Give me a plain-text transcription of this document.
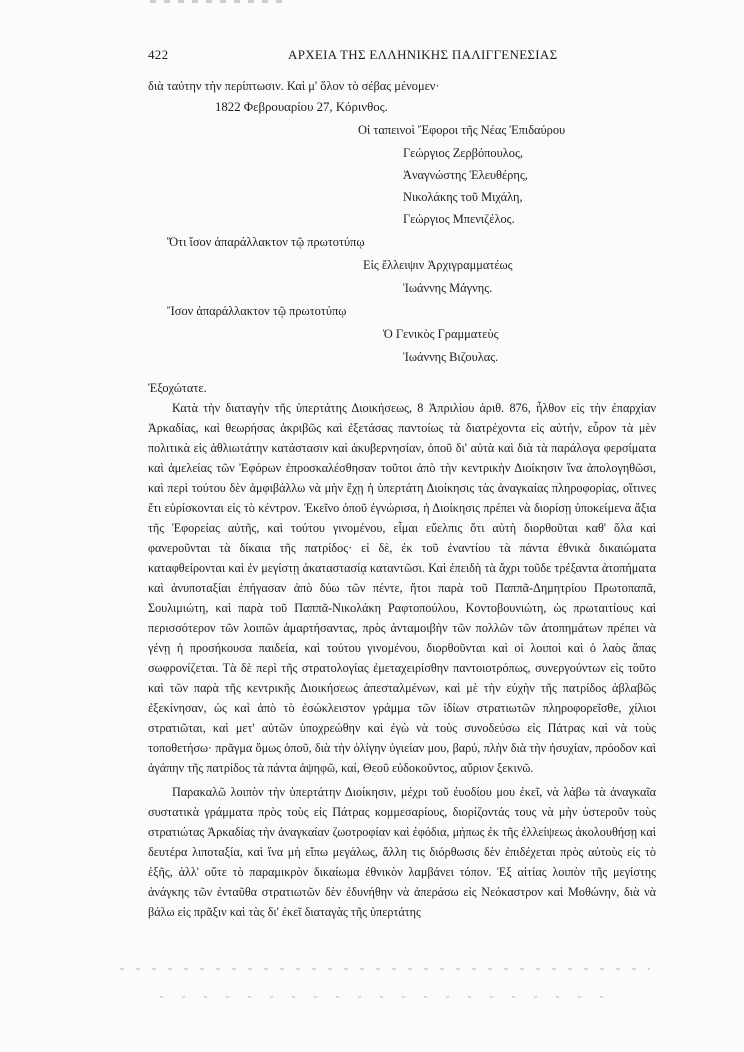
422	ΑΡΧΕΙΑ ΤΗΣ ΕΛΛΗΝΙΚΗΣ ΠΑΛΙΓΓΕΝΕΣΙΑΣ
διὰ ταύτην τὴν περίπτωσιν. Καὶ μ' ὅλον τὸ σέβας μένομεν·
1822 Φεβρουαρίου 27, Κόρινθος.
Οἱ ταπεινοὶ Ἔφοροι τῆς Νέας Ἐπιδαύρου
Γεώργιος Ζερβόπουλος,
Ἀναγνώστης Ἐλευθέρης,
Νικολάκης τοῦ Μιχάλη,
Γεώργιος Μπενιζέλος.
Ὅτι ἴσον ἀπαράλλακτον τῷ πρωτοτύπῳ
Εἰς ἔλλειψιν Ἀρχιγραμματέως
Ἰωάννης Μάγνης.
Ἴσον ἀπαράλλακτον τῷ πρωτοτύπῳ
Ὁ Γενικὸς Γραμματεὺς
Ἰωάννης Βιζουλας.
Ἐξοχώτατε.

Κατὰ τὴν διαταγὴν τῆς ὑπερτάτης Διοικήσεως, 8 Ἀπριλίου ἀριθ. 876, ἦλθον εἰς τὴν ἐπαρχίαν Ἀρκαδίας, καὶ θεωρήσας ἀκριβῶς καὶ ἐξετάσας παντοίως τὰ διατρέχοντα εἰς αὐτήν, εὗρον τὰ μὲν πολιτικὰ εἰς ἀθλιωτάτην κατάστασιν καὶ ἀκυβερνησίαν, ὁποῦ δι' αὐτὰ καὶ διὰ τὰ παράλογα φερσίματα καὶ ἀμελείας τῶν Ἐφόρων ἐπροσκαλέσθησαν τοῦτοι ἀπὸ τὴν κεντρικὴν Διοίκησιν ἵνα ἀπολογηθῶσι, καὶ περὶ τούτου δὲν ἀμφιβάλλω νὰ μὴν ἔχῃ ἡ ὑπερτάτη Διοίκησις τὰς ἀναγκαίας πληροφορίας, οἵτινες ἔτι εὑρίσκονται εἰς τὸ κέντρον. Ἐκεῖνο ὁποῦ ἐγνώρισα, ἡ Διοίκησις πρέπει νὰ διορίσῃ ὑποκείμενα ἄξια τῆς Ἐφορείας αὐτῆς, καὶ τούτου γινομένου, εἶμαι εὔελπις ὅτι αὐτὴ διορθοῦται καθ' ὅλα καὶ φανεροῦνται τὰ δίκαια τῆς πατρίδος· εἰ δὲ, ἐκ τοῦ ἐναντίου τὰ πάντα ἐθνικὰ δικαιώματα καταφθείρονται καὶ ἐν μεγίστῃ ἀκαταστασίᾳ καταντῶσι. Καὶ ἐπειδὴ τὰ ἄχρι τοῦδε τρέξαντα ἀτοπήματα καὶ ἀνυποταξίαι ἐπήγασαν ἀπὸ δύω τῶν πέντε, ἤτοι παρὰ τοῦ Παππᾶ-Δημητρίου Πρωτοπαπᾶ, Σουλιμιώτη, καὶ παρὰ τοῦ Παππᾶ-Νικολάκη Ραφτοπούλου, Κοντοβουνιώτη, ὡς πρωταιτίους καὶ περισσότερον τῶν λοιπῶν ἁμαρτήσαντας, πρὸς ἀνταμοιβὴν τῶν πολλῶν τῶν ἀτοπημάτων πρέπει νὰ γένῃ ἡ προσήκουσα παιδεία, καὶ τούτου γινομένου, διορθοῦνται καὶ οἱ λοιποὶ καὶ ὁ λαὸς ἅπας σωφρονίζεται. Τὰ δὲ περὶ τῆς στρατολογίας ἐμεταχειρίσθην παντοιοτρόπως, συνεργούντων εἰς τοῦτο καὶ τῶν παρὰ τῆς κεντρικῆς Διοικήσεως ἀπεσταλμένων, καὶ μὲ τὴν εὐχὴν τῆς πατρίδος ἀβλαβῶς ἐξεκίνησαν, ὡς καὶ ἀπὸ τὸ ἐσώκλειστον γράμμα τῶν ἰδίων στρατιωτῶν πληροφορεῖσθε, χίλιοι στρατιῶται, καὶ μετ' αὐτῶν ὑποχρεώθην καὶ ἐγὼ νὰ τοὺς συνοδεύσω εἰς Πάτρας καὶ νὰ τοὺς τοποθετήσω· πρᾶγμα ὅμως ὁποῦ, διὰ τὴν ὀλίγην ὑγιείαν μου, βαρύ, πλὴν διὰ τὴν ἡσυχίαν, πρόοδον καὶ ἀγάπην τῆς πατρίδος τὰ πάντα ἀψηφῶ, καί, Θεοῦ εὐδοκοῦντος, αὔριον ξεκινῶ.

Παρακαλῶ λοιπὸν τὴν ὑπερτάτην Διοίκησιν, μέχρι τοῦ ἐυοδίου μου ἐκεῖ, νὰ λάβω τὰ ἀναγκαῖα συστατικὰ γράμματα πρὸς τοὺς εἰς Πάτρας κομμεσαρίους, διορίζοντάς τους νὰ μὴν ὑστεροῦν τοὺς στρατιώτας Ἀρκαδίας τὴν ἀναγκαίαν ζωοτροφίαν καὶ ἐφόδια, μήπως ἐκ τῆς ἐλλείψεως ἀκολουθήσῃ καὶ δευτέρα λιποταξία, καὶ ἵνα μὴ εἴπω μεγάλως, ἄλλη τις διόρθωσις δὲν ἐπιδέχεται πρὸς αὐτοὺς εἰς τὸ ἑξῆς, ἀλλ' οὔτε τὸ παραμικρὸν δικαίωμα ἐθνικὸν λαμβάνει τόπον. Ἐξ αἰτίας λοιπὸν τῆς μεγίστης ἀνάγκης τῶν ἐνταῦθα στρατιωτῶν δὲν ἐδυνήθην νὰ ἀπεράσω εἰς Νεόκαστρον καὶ Μοθώνην, διὰ νὰ βάλω εἰς πρᾶξιν καὶ τὰς δι' ἐκεῖ διαταγὰς τῆς ὑπερτάτης
